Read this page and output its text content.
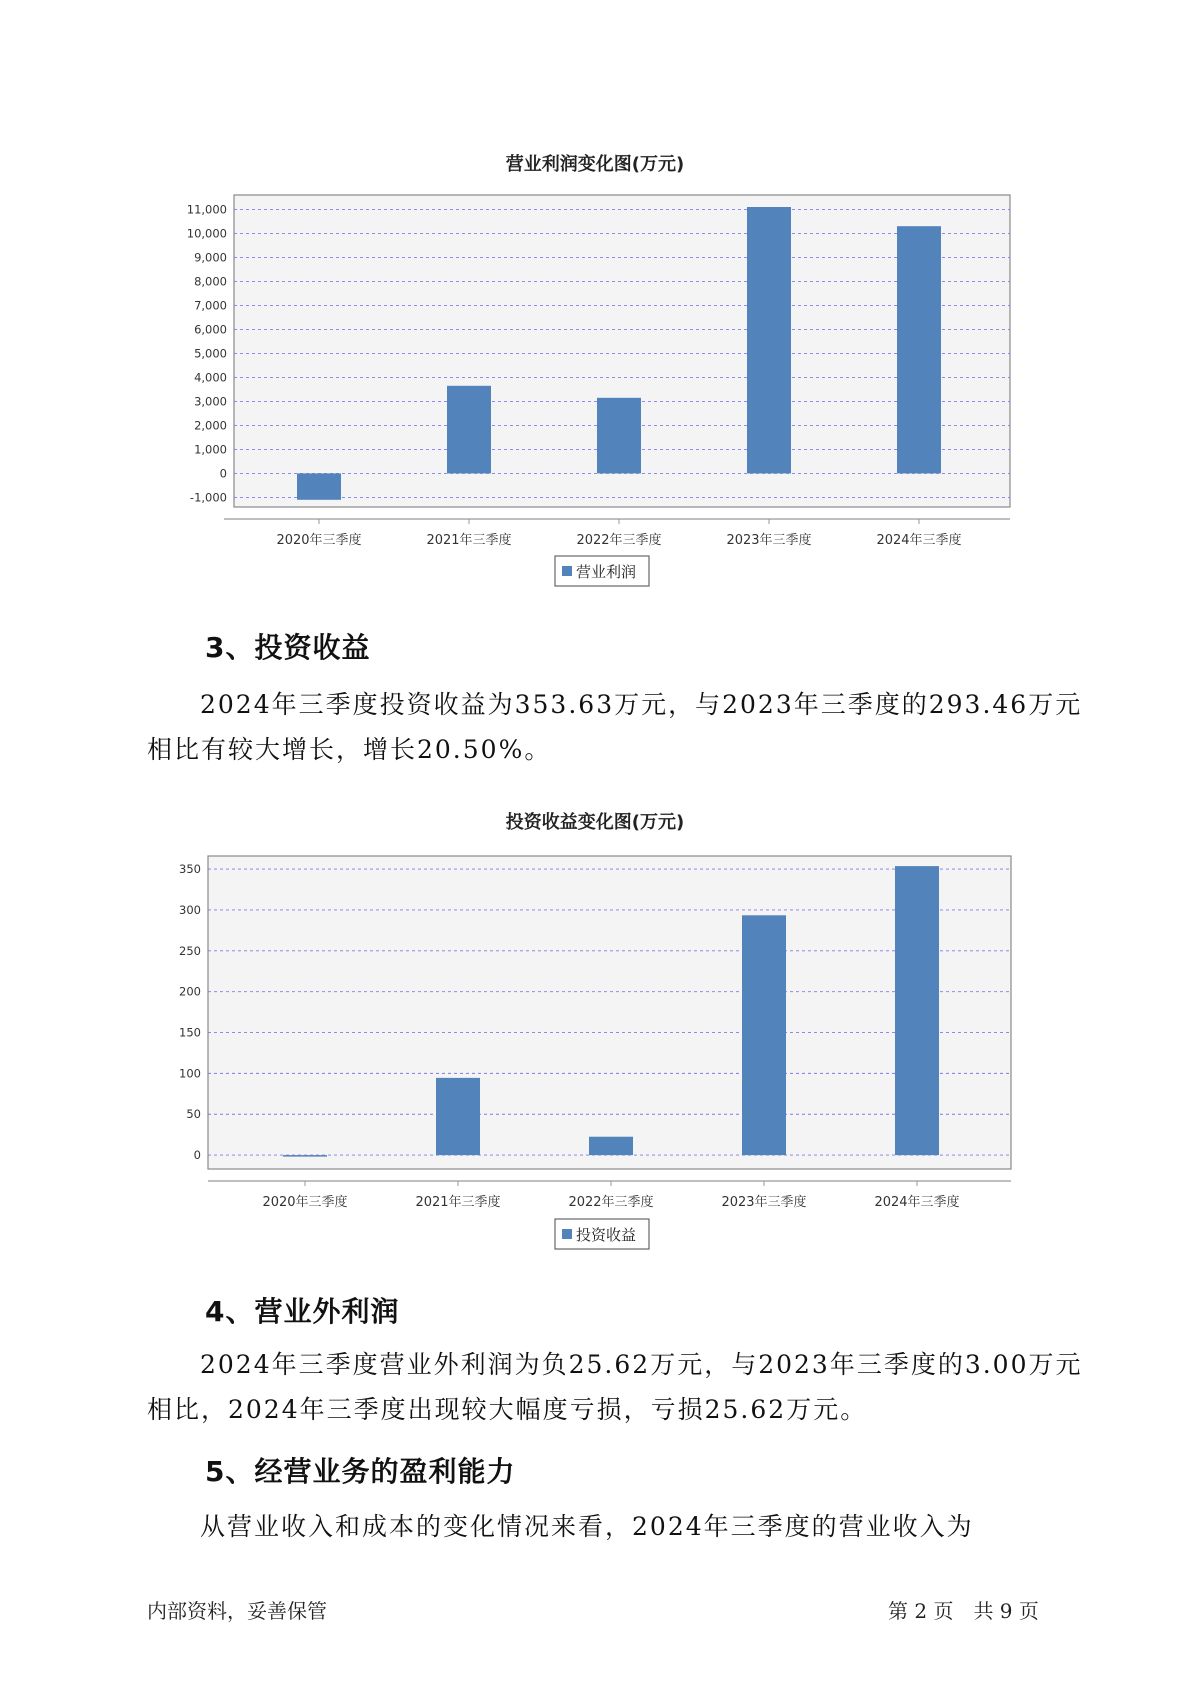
营业利润变化图(万元)
-1,000
0
1,000
2,000
3,000
4,000
5,000
6,000
7,000
8,000
9,000
10,000
11,000
2020年三季度	2021年三季度	2022年三季度	2023年三季度	2024年三季度
营业利润
3、投资收益

2024年三季度投资收益为353.63万元，与2023年三季度的293.46万元
相比有较大增长，增长20.50%。

投资收益变化图(万元)
0
50
100
150
200
250
300
350
2020年三季度	2021年三季度	2022年三季度	2023年三季度	2024年三季度
投资收益
4、营业外利润

2024年三季度营业外利润为负25.62万元，与2023年三季度的3.00万元
相比，2024年三季度出现较大幅度亏损，亏损25.62万元。

5、经营业务的盈利能力

从营业收入和成本的变化情况来看，2024年三季度的营业收入为

内部资料，妥善保管	第 2 页　共 9 页
